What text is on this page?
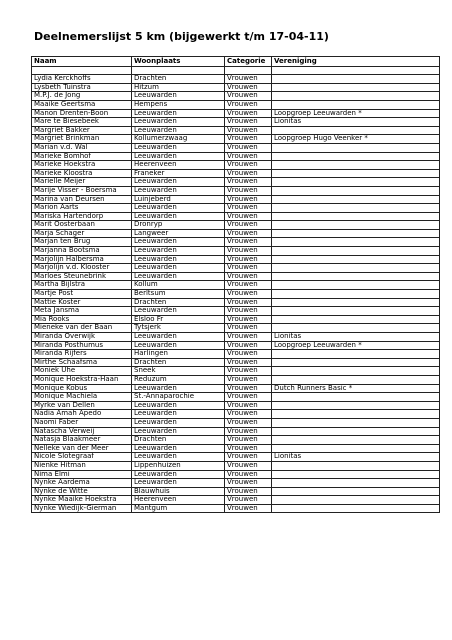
Deelnemerslijst 5 km (bijgewerkt t/m 17-04-11)
Naam	Woonplaats	Categorie	Vereniging

Lydia Kerckhoffs	Drachten	Vrouwen	
Lysbeth Tuinstra	Hitzum	Vrouwen	
M.P.J. de Jong	Leeuwarden	Vrouwen	
Maaike Geertsma	Hempens	Vrouwen	
Manon Drenten-Boon	Leeuwarden	Vrouwen	Loopgroep Leeuwarden *
Mare te Biesebeek	Leeuwarden	Vrouwen	Lionitas
Margriet Bakker	Leeuwarden	Vrouwen	
Margriet Brinkman	Kollumerzwaag	Vrouwen	Loopgroep Hugo Veenker *
Marian v.d. Wal	Leeuwarden	Vrouwen	
Marieke Bomhof	Leeuwarden	Vrouwen	
Marieke Hoekstra	Heerenveen	Vrouwen	
Marieke Kloostra	Franeker	Vrouwen	
Marielle Meijer	Leeuwarden	Vrouwen	
Marije Visser - Boersma	Leeuwarden	Vrouwen	
Marina van Deursen	Luinjeberd	Vrouwen	
Marion Aarts	Leeuwarden	Vrouwen	
Mariska Hartendorp	Leeuwarden	Vrouwen	
Marit Oosterbaan	Dronryp	Vrouwen	
Marja Schager	Langweer	Vrouwen	
Marjan ten Brug	Leeuwarden	Vrouwen	
Marjanna Bootsma	Leeuwarden	Vrouwen	
Marjolijn Halbersma	Leeuwarden	Vrouwen	
Marjolijn v.d. Klooster	Leeuwarden	Vrouwen	
Marloes Steunebrink	Leeuwarden	Vrouwen	
Martha Bijlstra	Kollum	Vrouwen	
Martje Post	Berltsum	Vrouwen	
Mattie Koster	Drachten	Vrouwen	
Meta Jansma	Leeuwarden	Vrouwen	
Mia Rooks	Elsloo Fr	Vrouwen	
Mieneke van der Baan	Tytsjerk	Vrouwen	
Miranda Overwijk	Leeuwarden	Vrouwen	Lionitas
Miranda Posthumus	Leeuwarden	Vrouwen	Loopgroep Leeuwarden *
Miranda Rijfers	Harlingen	Vrouwen	
Mirthe Schaafsma	Drachten	Vrouwen	
Moniek Uhe	Sneek	Vrouwen	
Monique Hoekstra-Haan	Reduzum	Vrouwen	
Monique Kobus	Leeuwarden	Vrouwen	Dutch Runners Basic *
Monique Machiela	St.-Annaparochie	Vrouwen	
Myrke van Dellen	Leeuwarden	Vrouwen	
Nadia Amah Apedo	Leeuwarden	Vrouwen	
Naomi Faber	Leeuwarden	Vrouwen	
Natascha Verweij	Leeuwarden	Vrouwen	
Natasja Blaakmeer	Drachten	Vrouwen	
Nelleke van der Meer	Leeuwarden	Vrouwen	
Nicole Slotegraaf	Leeuwarden	Vrouwen	Lionitas
Nienke Hitman	Lippenhuizen	Vrouwen	
Nima Elmi	Leeuwarden	Vrouwen	
Nynke Aardema	Leeuwarden	Vrouwen	
Nynke de Witte	Blauwhuis	Vrouwen	
Nynke Maaike Hoekstra	Heerenveen	Vrouwen	
Nynke Wiedijk-Gierman	Mantgum	Vrouwen	
